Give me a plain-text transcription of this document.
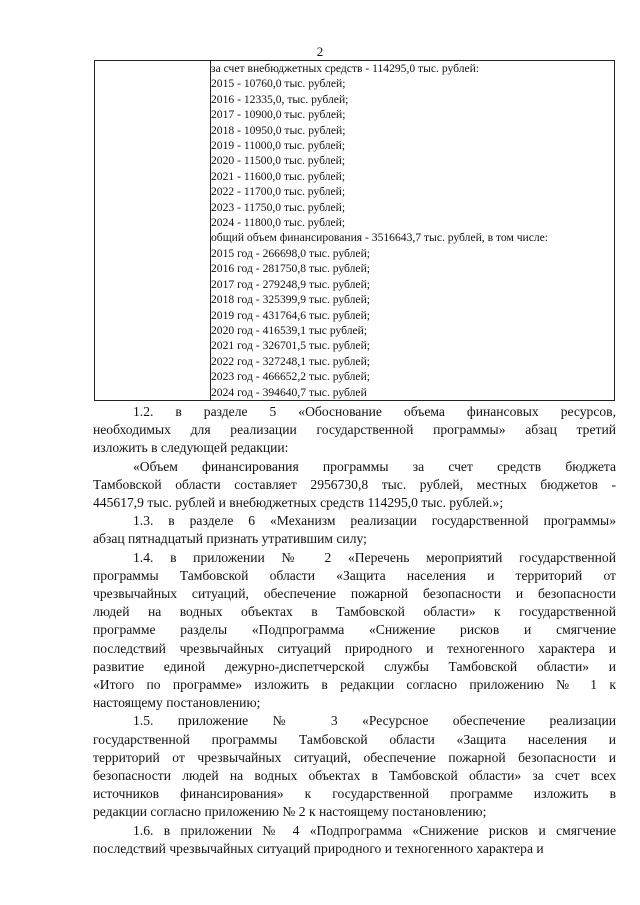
2

за счет внебюджетных средств - 114295,0 тыс. рублей:
2015 - 10760,0 тыс. рублей;
2016 - 12335,0, тыс. рублей;
2017 - 10900,0 тыс. рублей;
2018 - 10950,0 тыс. рублей;
2019 - 11000,0 тыс. рублей;
2020 - 11500,0 тыс. рублей;
2021 - 11600,0 тыс. рублей;
2022 - 11700,0 тыс. рублей;
2023 - 11750,0 тыс. рублей;
2024 - 11800,0 тыс. рублей;
общий объем финансирования - 3516643,7 тыс. рублей, в том числе:
2015 год - 266698,0 тыс. рублей;
2016 год - 281750,8 тыс. рублей;
2017 год - 279248,9 тыс. рублей;
2018 год - 325399,9 тыс. рублей;
2019 год - 431764,6 тыс. рублей;
2020 год - 416539,1 тыс рублей;
2021 год - 326701,5 тыс. рублей;
2022 год - 327248,1 тыс. рублей;
2023 год - 466652,2 тыс. рублей;
2024 год - 394640,7 тыс. рублей
1.2. в разделе 5 «Обоснование объема финансовых ресурсов,
необходимых для реализации государственной программы» абзац третий
изложить в следующей редакции:
«Объем финансирования программы за счет средств бюджета
Тамбовской области составляет 2956730,8 тыс. рублей, местных бюджетов -
445617,9 тыс. рублей и внебюджетных средств 114295,0 тыс. рублей.»;
1.3. в разделе 6 «Механизм реализации государственной программы»
абзац пятнадцатый признать утратившим силу;
1.4. в приложении № 2 «Перечень мероприятий государственной
программы Тамбовской области «Защита населения и территорий от
чрезвычайных ситуаций, обеспечение пожарной безопасности и безопасности
людей на водных объектах в Тамбовской области» к государственной
программе разделы «Подпрограмма «Снижение рисков и смягчение
последствий чрезвычайных ситуаций природного и техногенного характера и
развитие единой дежурно-диспетчерской службы Тамбовской области» и
«Итого по программе» изложить в редакции согласно приложению № 1 к
настоящему постановлению;
1.5. приложение № 3 «Ресурсное обеспечение реализации
государственной программы Тамбовской области «Защита населения и
территорий от чрезвычайных ситуаций, обеспечение пожарной безопасности и
безопасности людей на водных объектах в Тамбовской области» за счет всех
источников финансирования» к государственной программе изложить в
редакции согласно приложению № 2 к настоящему постановлению;
1.6. в приложении № 4 «Подпрограмма «Снижение рисков и смягчение
последствий чрезвычайных ситуаций природного и техногенного характера и
